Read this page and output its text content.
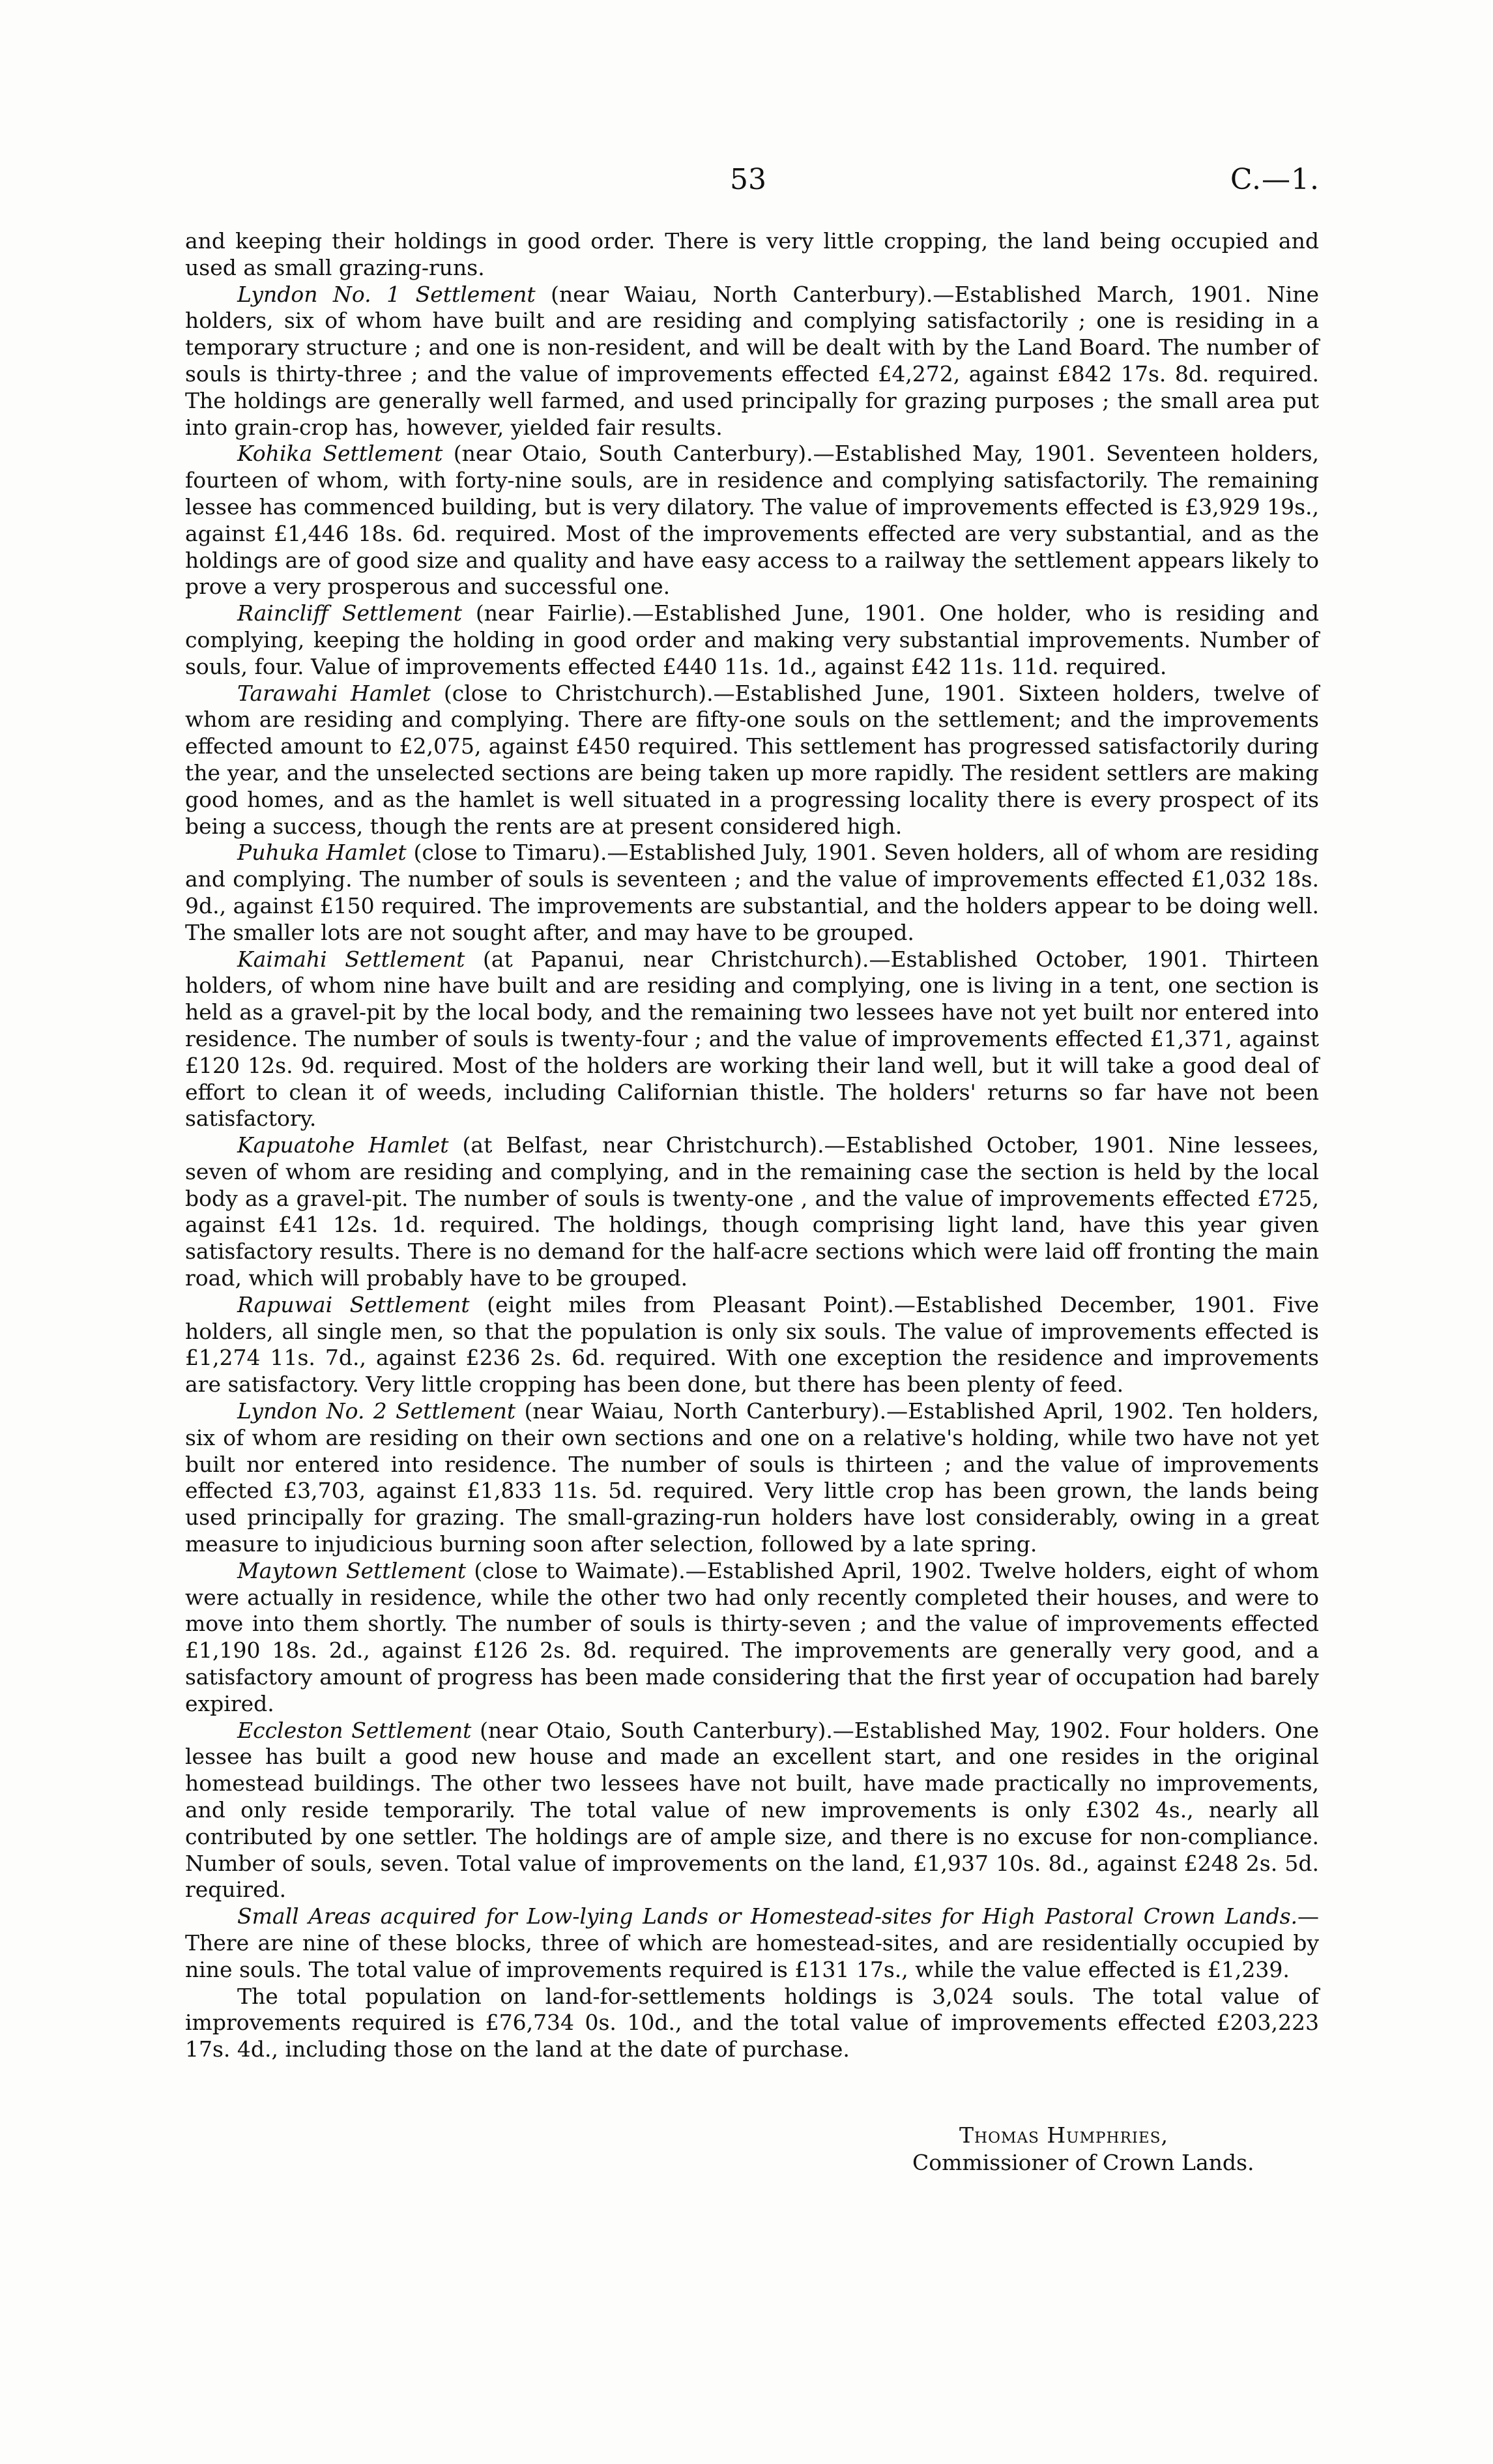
53	C.—1.

and keeping their holdings in good order. There is very little cropping, the land being occupied and used as small grazing-runs.

Lyndon No. 1 Settlement (near Waiau, North Canterbury).—Established March, 1901. Nine holders, six of whom have built and are residing and complying satisfactorily ; one is residing in a temporary structure ; and one is non-resident, and will be dealt with by the Land Board. The number of souls is thirty-three ; and the value of improvements effected £4,272, against £842 17s. 8d. required. The holdings are generally well farmed, and used principally for grazing purposes ; the small area put into grain-crop has, however, yielded fair results.

Kohika Settlement (near Otaio, South Canterbury).—Established May, 1901. Seventeen holders, fourteen of whom, with forty-nine souls, are in residence and complying satisfactorily. The remaining lessee has commenced building, but is very dilatory. The value of improvements effected is £3,929 19s., against £1,446 18s. 6d. required. Most of the improvements effected are very substantial, and as the holdings are of good size and quality and have easy access to a railway the settlement appears likely to prove a very prosperous and successful one.

Raincliff Settlement (near Fairlie).—Established June, 1901. One holder, who is residing and complying, keeping the holding in good order and making very substantial improvements. Number of souls, four. Value of improvements effected £440 11s. 1d., against £42 11s. 11d. required.

Tarawahi Hamlet (close to Christchurch).—Established June, 1901. Sixteen holders, twelve of whom are residing and complying. There are fifty-one souls on the settlement; and the improvements effected amount to £2,075, against £450 required. This settlement has progressed satisfactorily during the year, and the unselected sections are being taken up more rapidly. The resident settlers are making good homes, and as the hamlet is well situated in a progressing locality there is every prospect of its being a success, though the rents are at present considered high.

Puhuka Hamlet (close to Timaru).—Established July, 1901. Seven holders, all of whom are residing and complying. The number of souls is seventeen ; and the value of improvements effected £1,032 18s. 9d., against £150 required. The improvements are substantial, and the holders appear to be doing well. The smaller lots are not sought after, and may have to be grouped.

Kaimahi Settlement (at Papanui, near Christchurch).—Established October, 1901. Thirteen holders, of whom nine have built and are residing and complying, one is living in a tent, one section is held as a gravel-pit by the local body, and the remaining two lessees have not yet built nor entered into residence. The number of souls is twenty-four ; and the value of improvements effected £1,371, against £120 12s. 9d. required. Most of the holders are working their land well, but it will take a good deal of effort to clean it of weeds, including Californian thistle. The holders' returns so far have not been satisfactory.

Kapuatohe Hamlet (at Belfast, near Christchurch).—Established October, 1901. Nine lessees, seven of whom are residing and complying, and in the remaining case the section is held by the local body as a gravel-pit. The number of souls is twenty-one , and the value of improvements effected £725, against £41 12s. 1d. required. The holdings, though comprising light land, have this year given satisfactory results. There is no demand for the half-acre sections which were laid off fronting the main road, which will probably have to be grouped.

Rapuwai Settlement (eight miles from Pleasant Point).—Established December, 1901. Five holders, all single men, so that the population is only six souls. The value of improvements effected is £1,274 11s. 7d., against £236 2s. 6d. required. With one exception the residence and improvements are satisfactory. Very little cropping has been done, but there has been plenty of feed.

Lyndon No. 2 Settlement (near Waiau, North Canterbury).—Established April, 1902. Ten holders, six of whom are residing on their own sections and one on a relative's holding, while two have not yet built nor entered into residence. The number of souls is thirteen ; and the value of improvements effected £3,703, against £1,833 11s. 5d. required. Very little crop has been grown, the lands being used principally for grazing. The small-grazing-run holders have lost considerably, owing in a great measure to injudicious burning soon after selection, followed by a late spring.

Maytown Settlement (close to Waimate).—Established April, 1902. Twelve holders, eight of whom were actually in residence, while the other two had only recently completed their houses, and were to move into them shortly. The number of souls is thirty-seven ; and the value of improvements effected £1,190 18s. 2d., against £126 2s. 8d. required. The improvements are generally very good, and a satisfactory amount of progress has been made considering that the first year of occupation had barely expired.

Eccleston Settlement (near Otaio, South Canterbury).—Established May, 1902. Four holders. One lessee has built a good new house and made an excellent start, and one resides in the original homestead buildings. The other two lessees have not built, have made practically no improvements, and only reside temporarily. The total value of new improvements is only £302 4s., nearly all contributed by one settler. The holdings are of ample size, and there is no excuse for non-compliance. Number of souls, seven. Total value of improvements on the land, £1,937 10s. 8d., against £248 2s. 5d. required.

Small Areas acquired for Low-lying Lands or Homestead-sites for High Pastoral Crown Lands.—There are nine of these blocks, three of which are homestead-sites, and are residentially occupied by nine souls. The total value of improvements required is £131 17s., while the value effected is £1,239.

The total population on land-for-settlements holdings is 3,024 souls. The total value of improvements required is £76,734 0s. 10d., and the total value of improvements effected £203,223 17s. 4d., including those on the land at the date of purchase.

Thomas Humphries,
Commissioner of Crown Lands.
